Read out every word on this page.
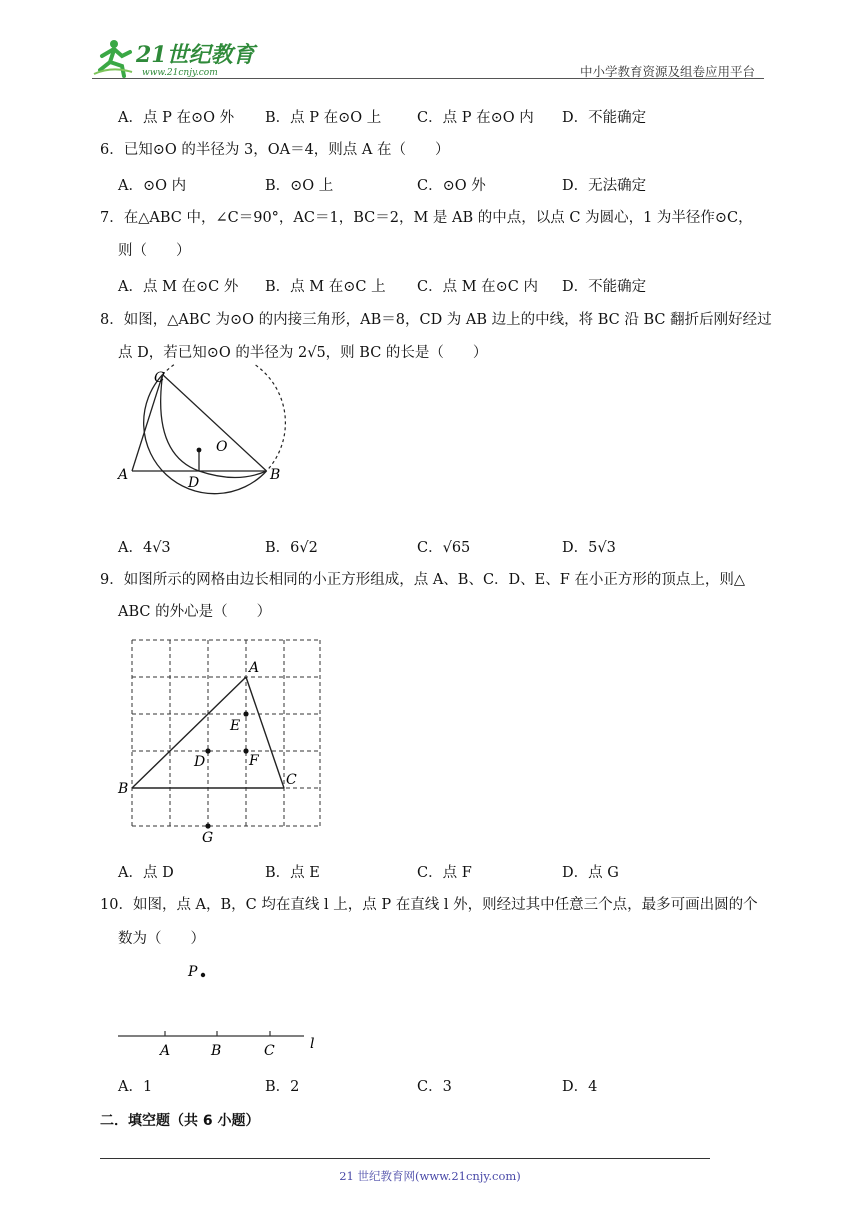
21世纪教育
www.21cnjy.com	中小学教育资源及组卷应用平台
A．点 P 在⊙O 外 B．点 P 在⊙O 上 C．点 P 在⊙O 内 D．不能确定
6．已知⊙O 的半径为 3，OA＝4，则点 A 在（　　）
A．⊙O 内	B．⊙O 上	C．⊙O 外	D．无法确定
7．在△ABC 中，∠C＝90°，AC＝1，BC＝2，M 是 AB 的中点，以点 C 为圆心，1 为半径作⊙C，
则（　　）
A．点 M 在⊙C 外 B．点 M 在⊙C 上 C．点 M 在⊙C 内 D．不能确定
8．如图，△ABC 为⊙O 的内接三角形，AB＝8，CD 为 AB 边上的中线，将 BC 沿 BC 翻折后刚好经过
点 D，若已知⊙O 的半径为 2√5，则 BC 的长是（　　）
C
O
A	D	B
A．4√3	B．6√2	C．√65	D．5√3
9．如图所示的网格由边长相同的小正方形组成，点 A、B、C．D、E、F 在小正方形的顶点上，则△
ABC 的外心是（　　）
A
B
C
D
E
F
G
A．点 D	B．点 E	C．点 F	D．点 G
10．如图，点 A，B，C 均在直线 l 上，点 P 在直线 l 外，则经过其中任意三个点，最多可画出圆的个
数为（　　）
P
A	B	C	l
A．1	B．2	C．3	D．4
二．填空题（共 6 小题）
21 世纪教育网(www.21cnjy.com)
